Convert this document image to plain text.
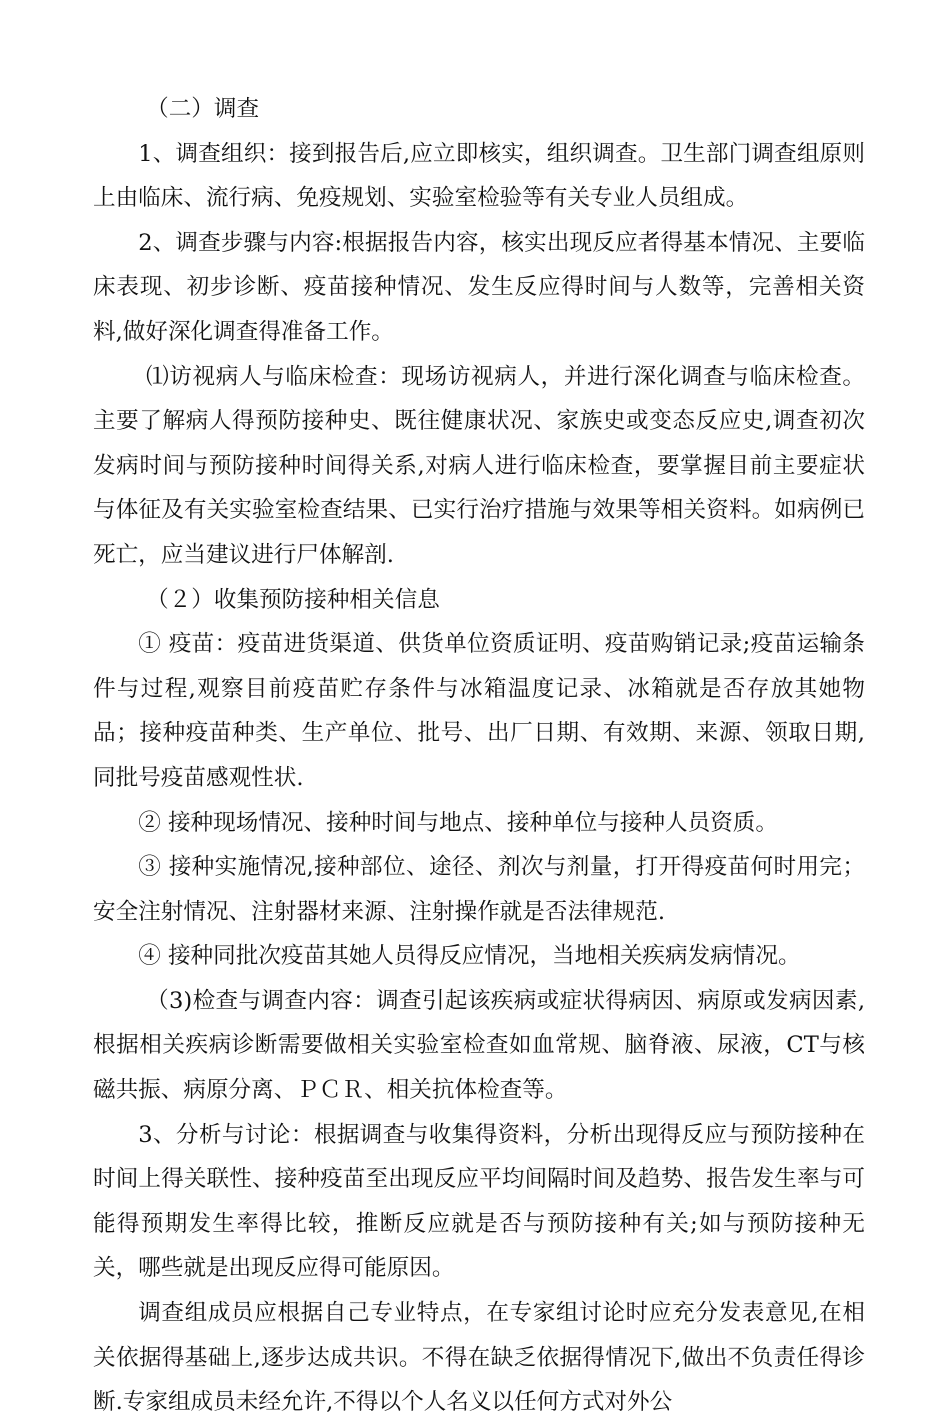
（二）调查

1、调查组织：接到报告后,应立即核实，组织调查。卫生部门调查组原则上由临床、流行病、免疫规划、实验室检验等有关专业人员组成。

2、调查步骤与内容:根据报告内容，核实出现反应者得基本情况、主要临床表现、初步诊断、疫苗接种情况、发生反应得时间与人数等，完善相关资料,做好深化调查得准备工作。

⑴访视病人与临床检查：现场访视病人，并进行深化调查与临床检查。主要了解病人得预防接种史、既往健康状况、家族史或变态反应史,调查初次发病时间与预防接种时间得关系,对病人进行临床检查，要掌握目前主要症状与体征及有关实验室检查结果、已实行治疗措施与效果等相关资料。如病例已死亡，应当建议进行尸体解剖.

（２）收集预防接种相关信息

① 疫苗：疫苗进货渠道、供货单位资质证明、疫苗购销记录;疫苗运输条件与过程,观察目前疫苗贮存条件与冰箱温度记录、冰箱就是否存放其她物品；接种疫苗种类、生产单位、批号、出厂日期、有效期、来源、领取日期,同批号疫苗感观性状.

② 接种现场情况、接种时间与地点、接种单位与接种人员资质。

③ 接种实施情况,接种部位、途径、剂次与剂量，打开得疫苗何时用完；安全注射情况、注射器材来源、注射操作就是否法律规范.

④ 接种同批次疫苗其她人员得反应情况，当地相关疾病发病情况。

（3)检查与调查内容：调查引起该疾病或症状得病因、病原或发病因素,根据相关疾病诊断需要做相关实验室检查如血常规、脑脊液、尿液，CT与核磁共振、病原分离、ＰＣＲ、相关抗体检查等。

3、分析与讨论：根据调查与收集得资料，分析出现得反应与预防接种在时间上得关联性、接种疫苗至出现反应平均间隔时间及趋势、报告发生率与可能得预期发生率得比较，推断反应就是否与预防接种有关;如与预防接种无关，哪些就是出现反应得可能原因。

调查组成员应根据自己专业特点，在专家组讨论时应充分发表意见,在相关依据得基础上,逐步达成共识。不得在缺乏依据得情况下,做出不负责任得诊断.专家组成员未经允许,不得以个人名义以任何方式对外公
